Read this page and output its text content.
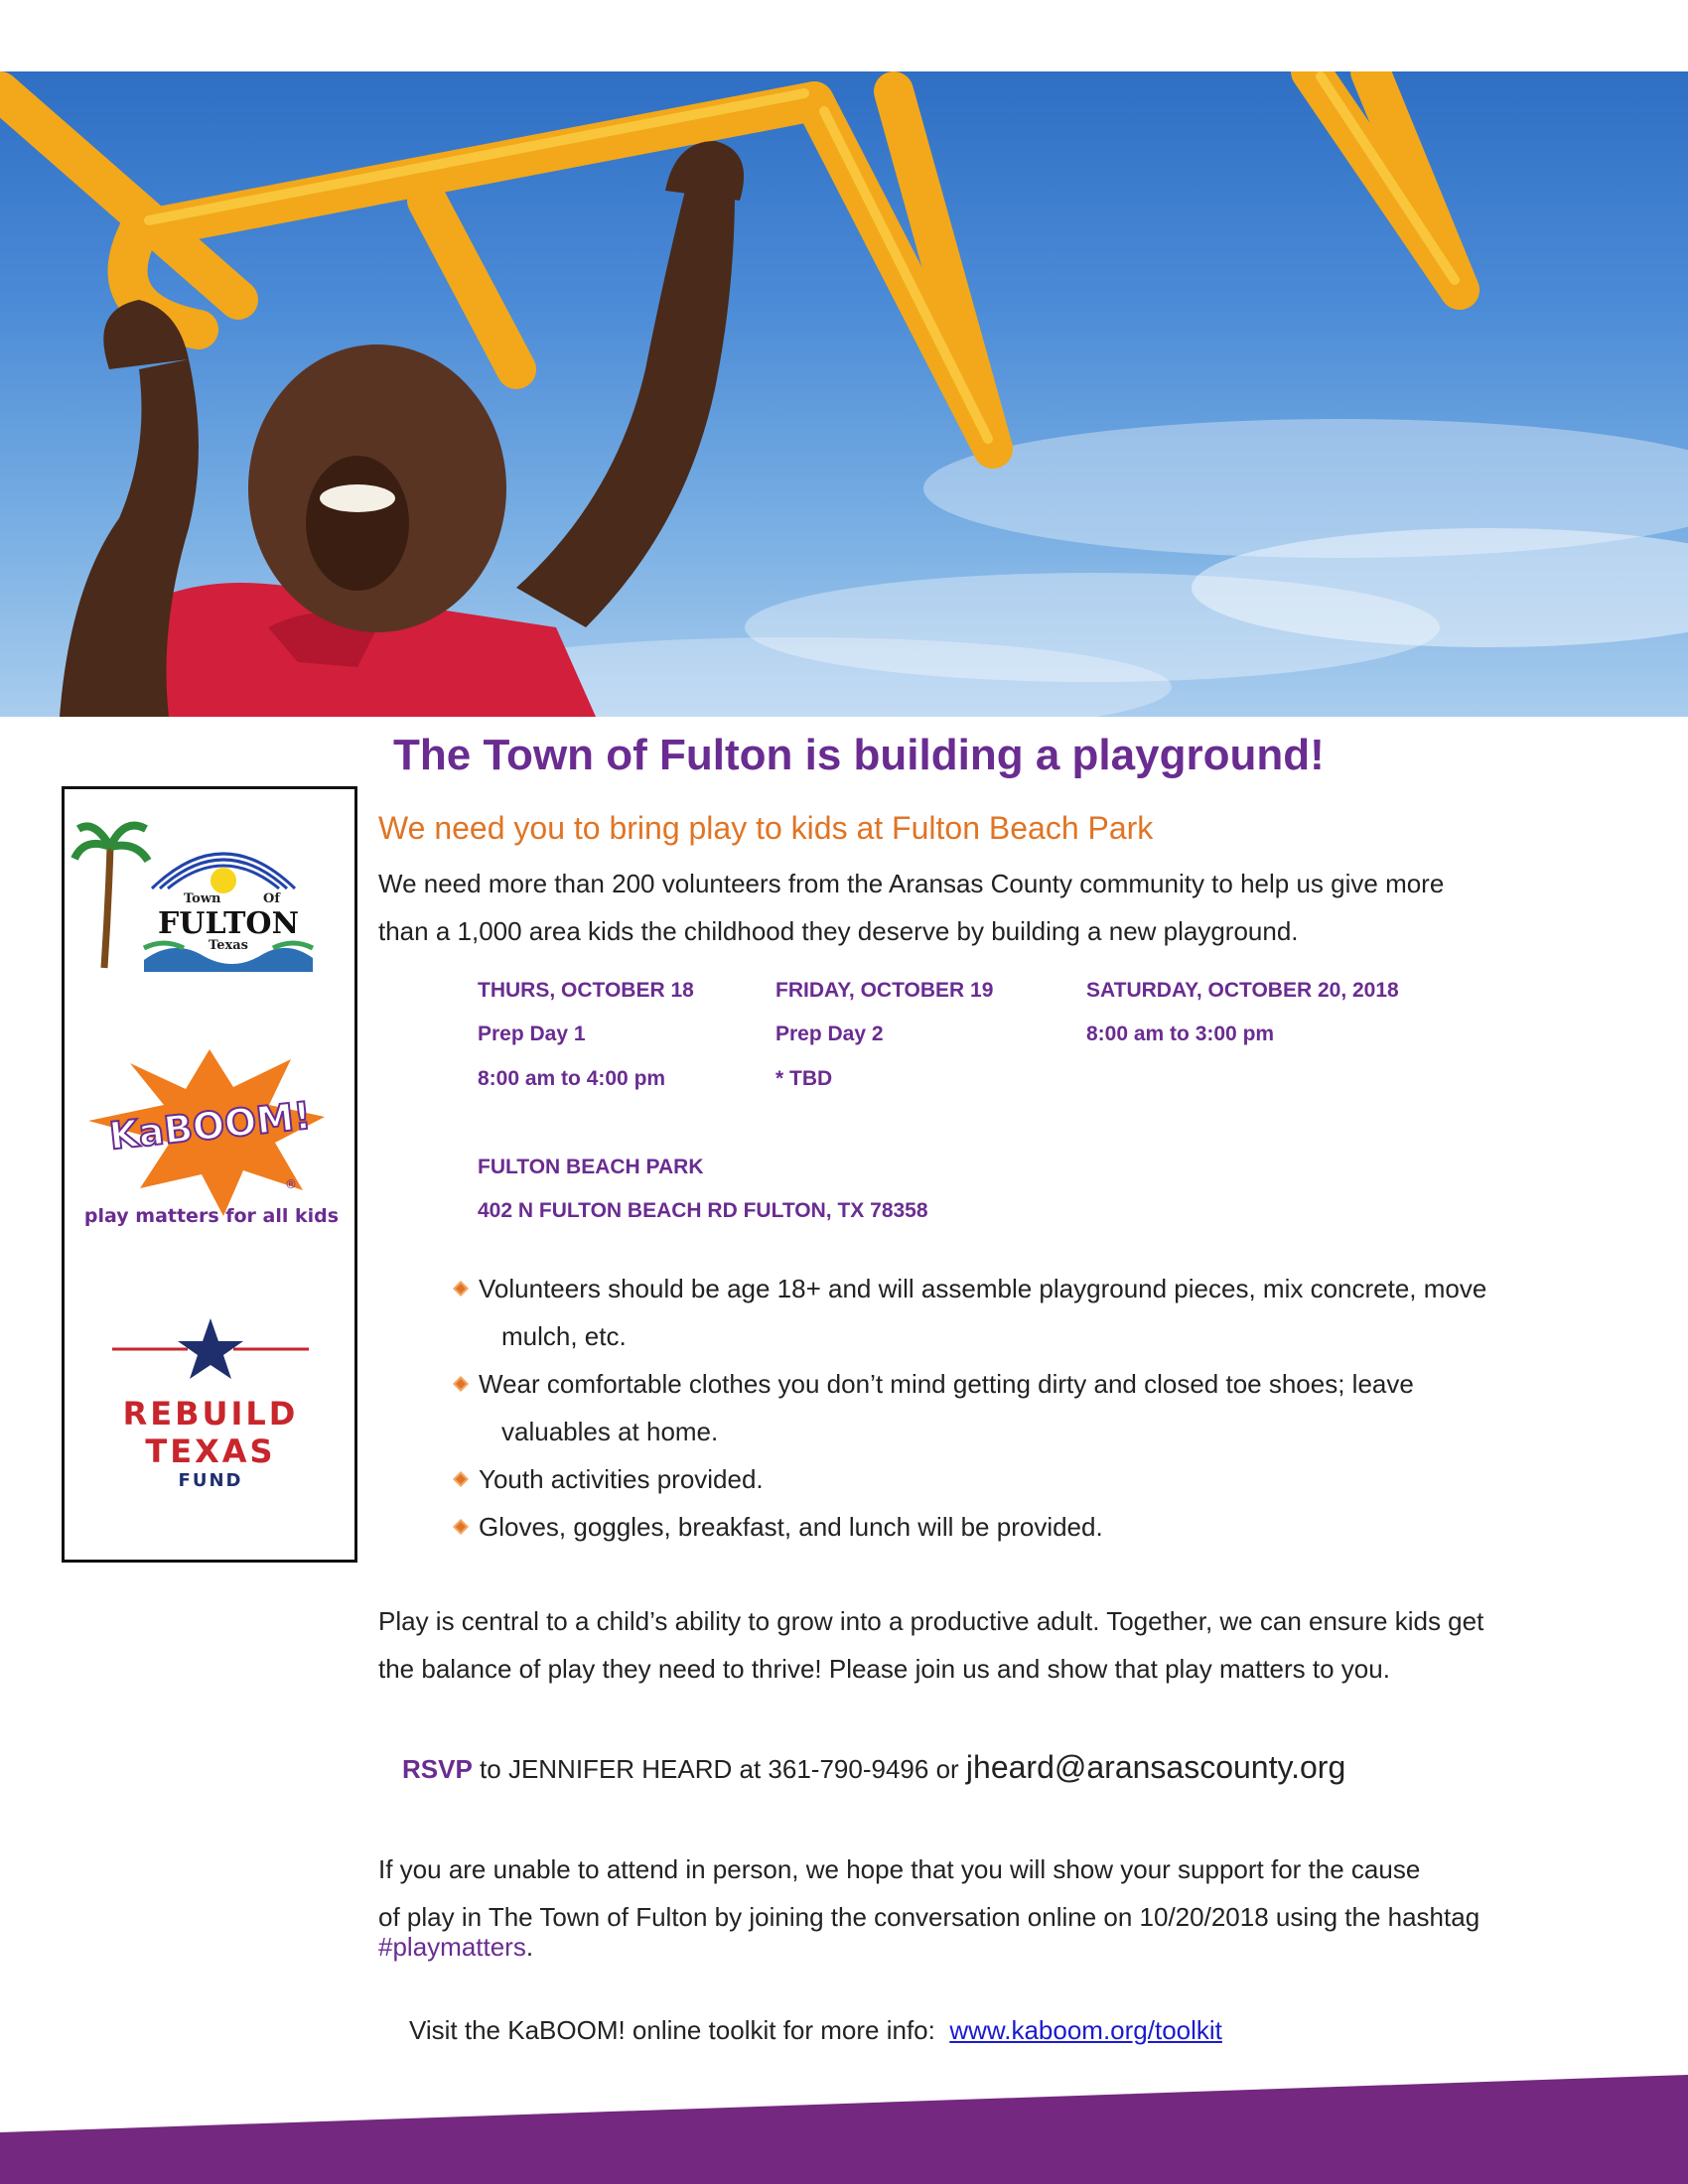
The Town of Fulton is building a playground!
Town	Of
FULTON
Texas
KaBOOM!
®
play matters for all kids
REBUILD
TEXAS
FUND
We need you to bring play to kids at Fulton Beach Park
We need more than 200 volunteers from the Aransas County community to help us give more
than a 1,000 area kids the childhood they deserve by building a new playground.
THURS, OCTOBER 18
Prep Day 1
8:00 am to 4:00 pm
FRIDAY, OCTOBER 19
Prep Day 2
* TBD
SATURDAY, OCTOBER 20, 2018
8:00 am to 3:00 pm
FULTON BEACH PARK
402 N FULTON BEACH RD FULTON, TX 78358
Volunteers should be age 18+ and will assemble playground pieces, mix concrete, move
mulch, etc.
Wear comfortable clothes you don’t mind getting dirty and closed toe shoes; leave
valuables at home.
Youth activities provided.
Gloves, goggles, breakfast, and lunch will be provided.
Play is central to a child’s ability to grow into a productive adult. Together, we can ensure kids get
the balance of play they need to thrive! Please join us and show that play matters to you.
RSVP to JENNIFER HEARD at 361-790-9496 or jheard@aransascounty.org
If you are unable to attend in person, we hope that you will show your support for the cause
of play in The Town of Fulton by joining the conversation online on 10/20/2018 using the hashtag
#playmatters.
Visit the KaBOOM! online toolkit for more info: www.kaboom.org/toolkit
